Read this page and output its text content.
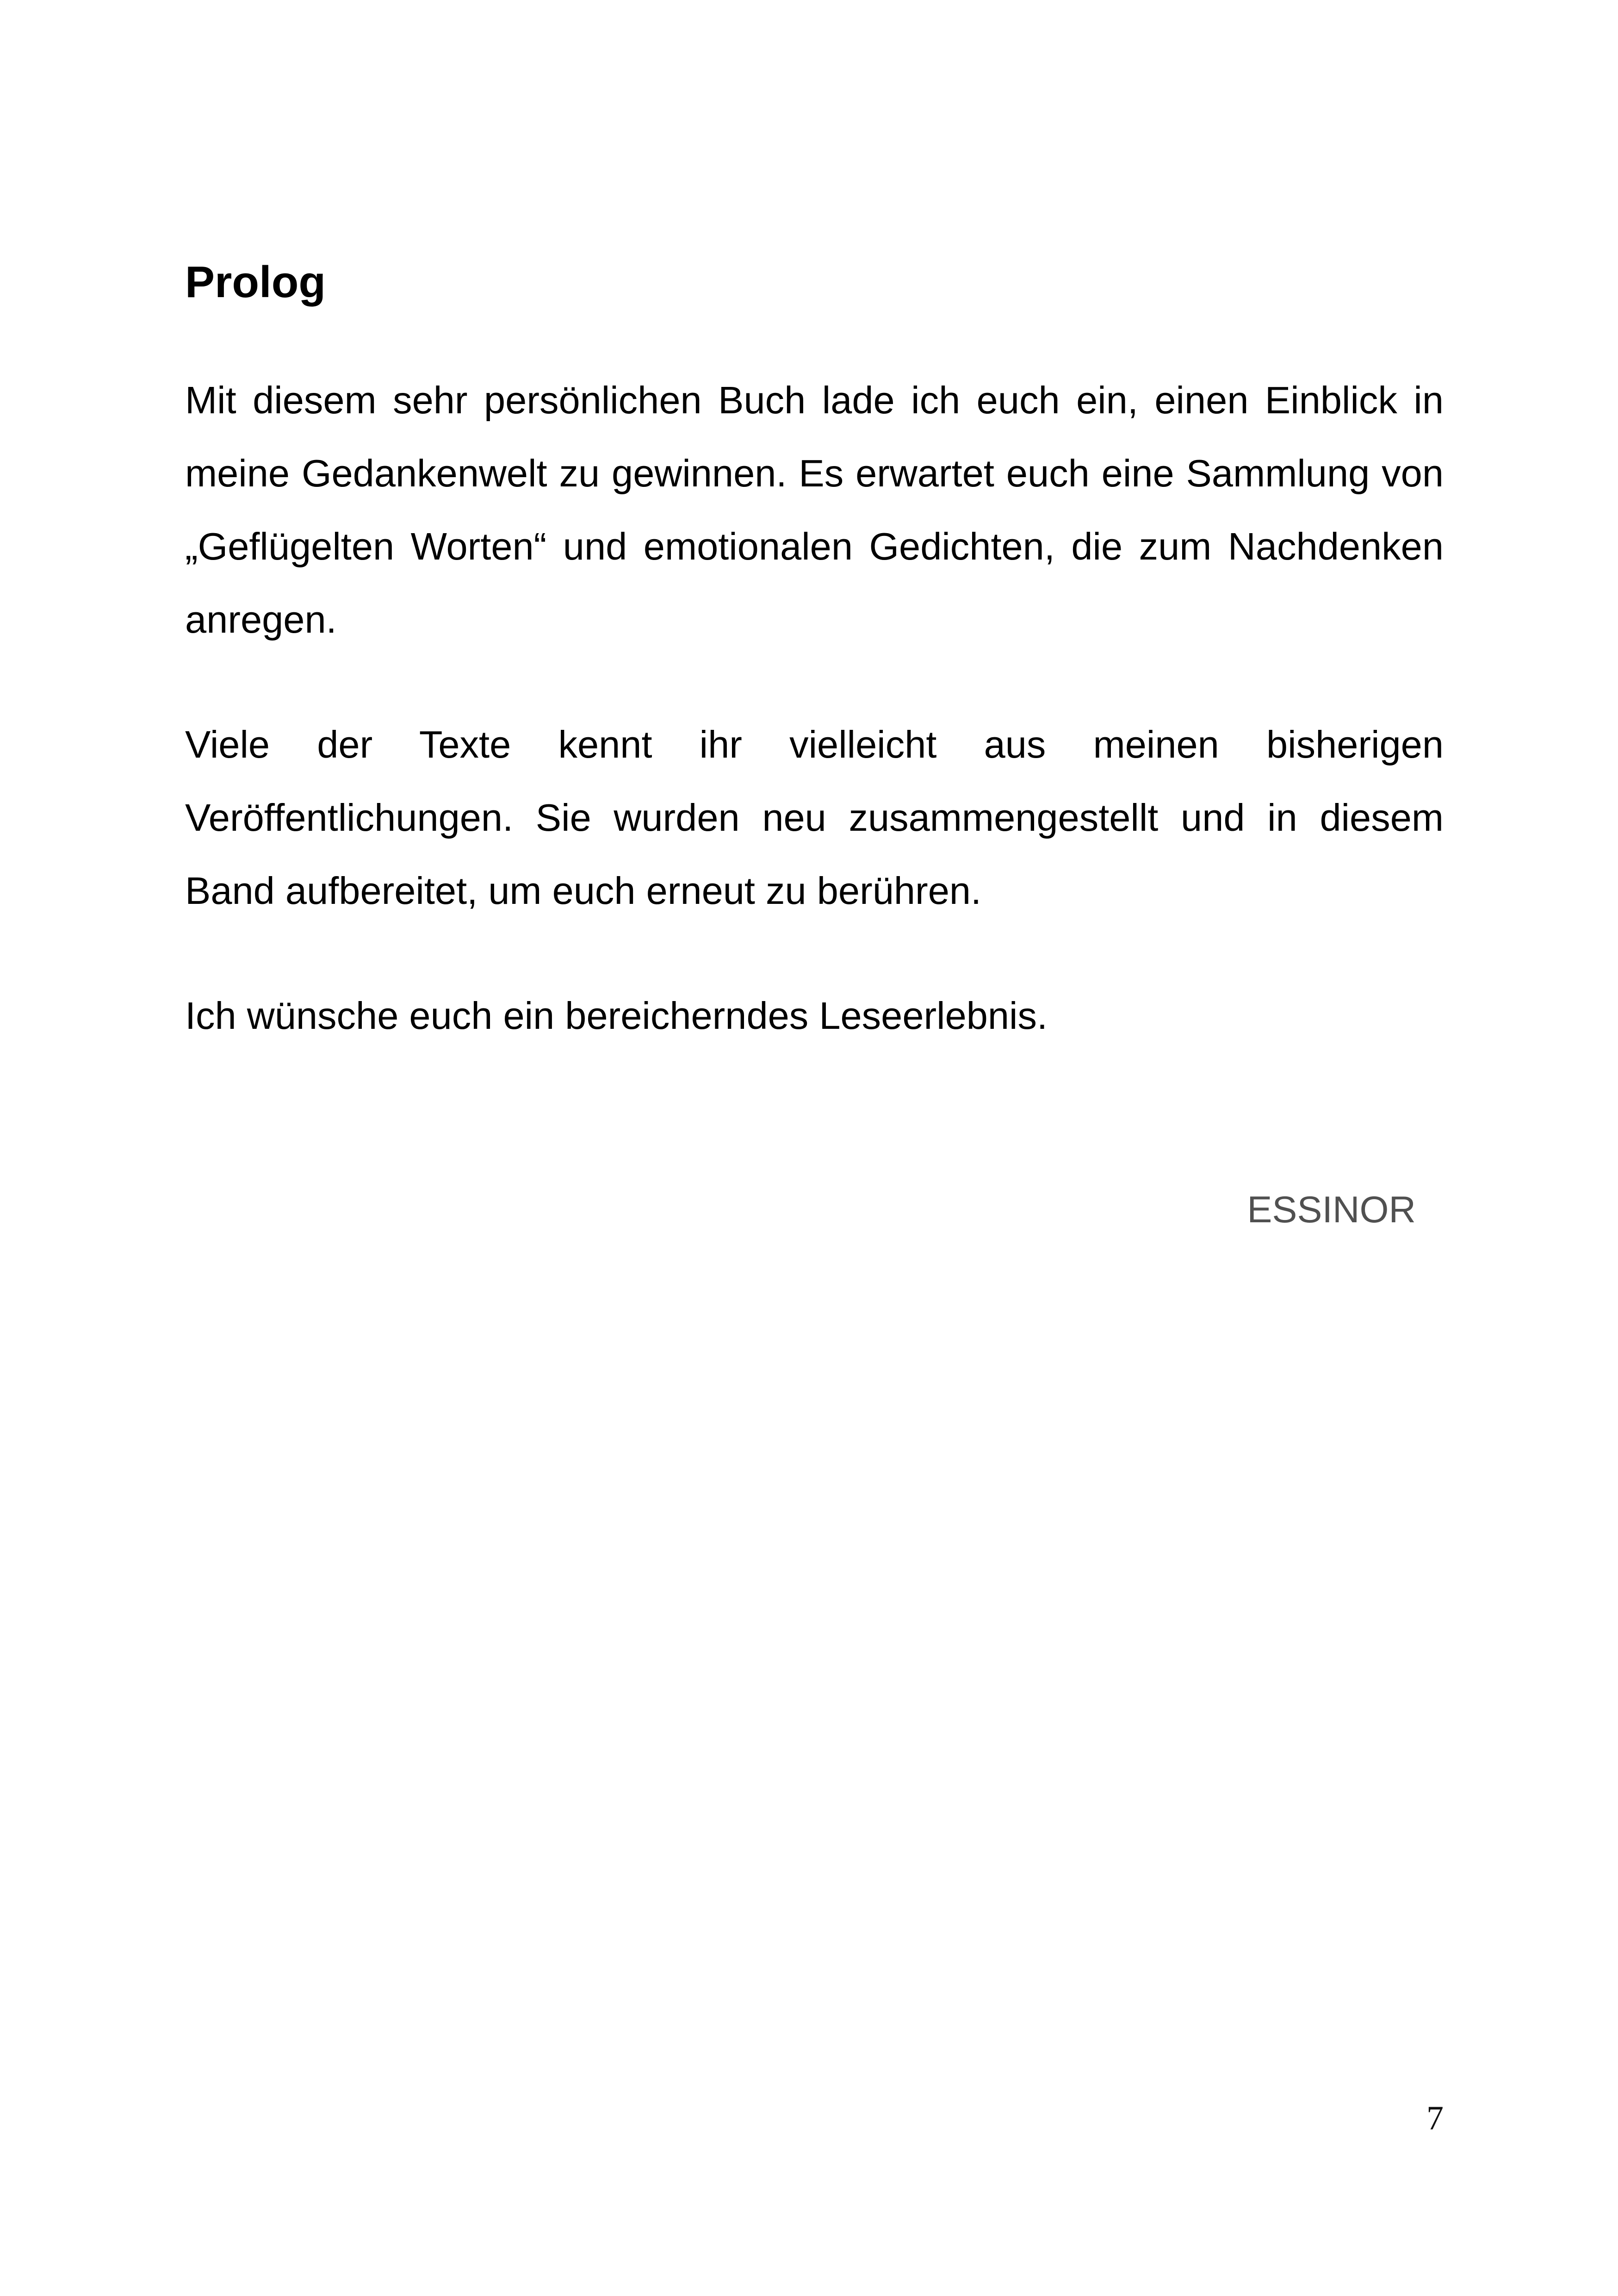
Prolog

Mit diesem sehr persönlichen Buch lade ich euch ein, einen Einblick in meine Gedankenwelt zu gewinnen. Es erwartet euch eine Sammlung von „Geflügelten Worten“ und emotionalen Gedichten, die zum Nachdenken anregen.

Viele der Texte kennt ihr vielleicht aus meinen bisherigen Veröffentlichungen. Sie wurden neu zusammengestellt und in diesem Band aufbereitet, um euch erneut zu berühren.

Ich wünsche euch ein bereicherndes Leseerlebnis.

ESSINOR
7
